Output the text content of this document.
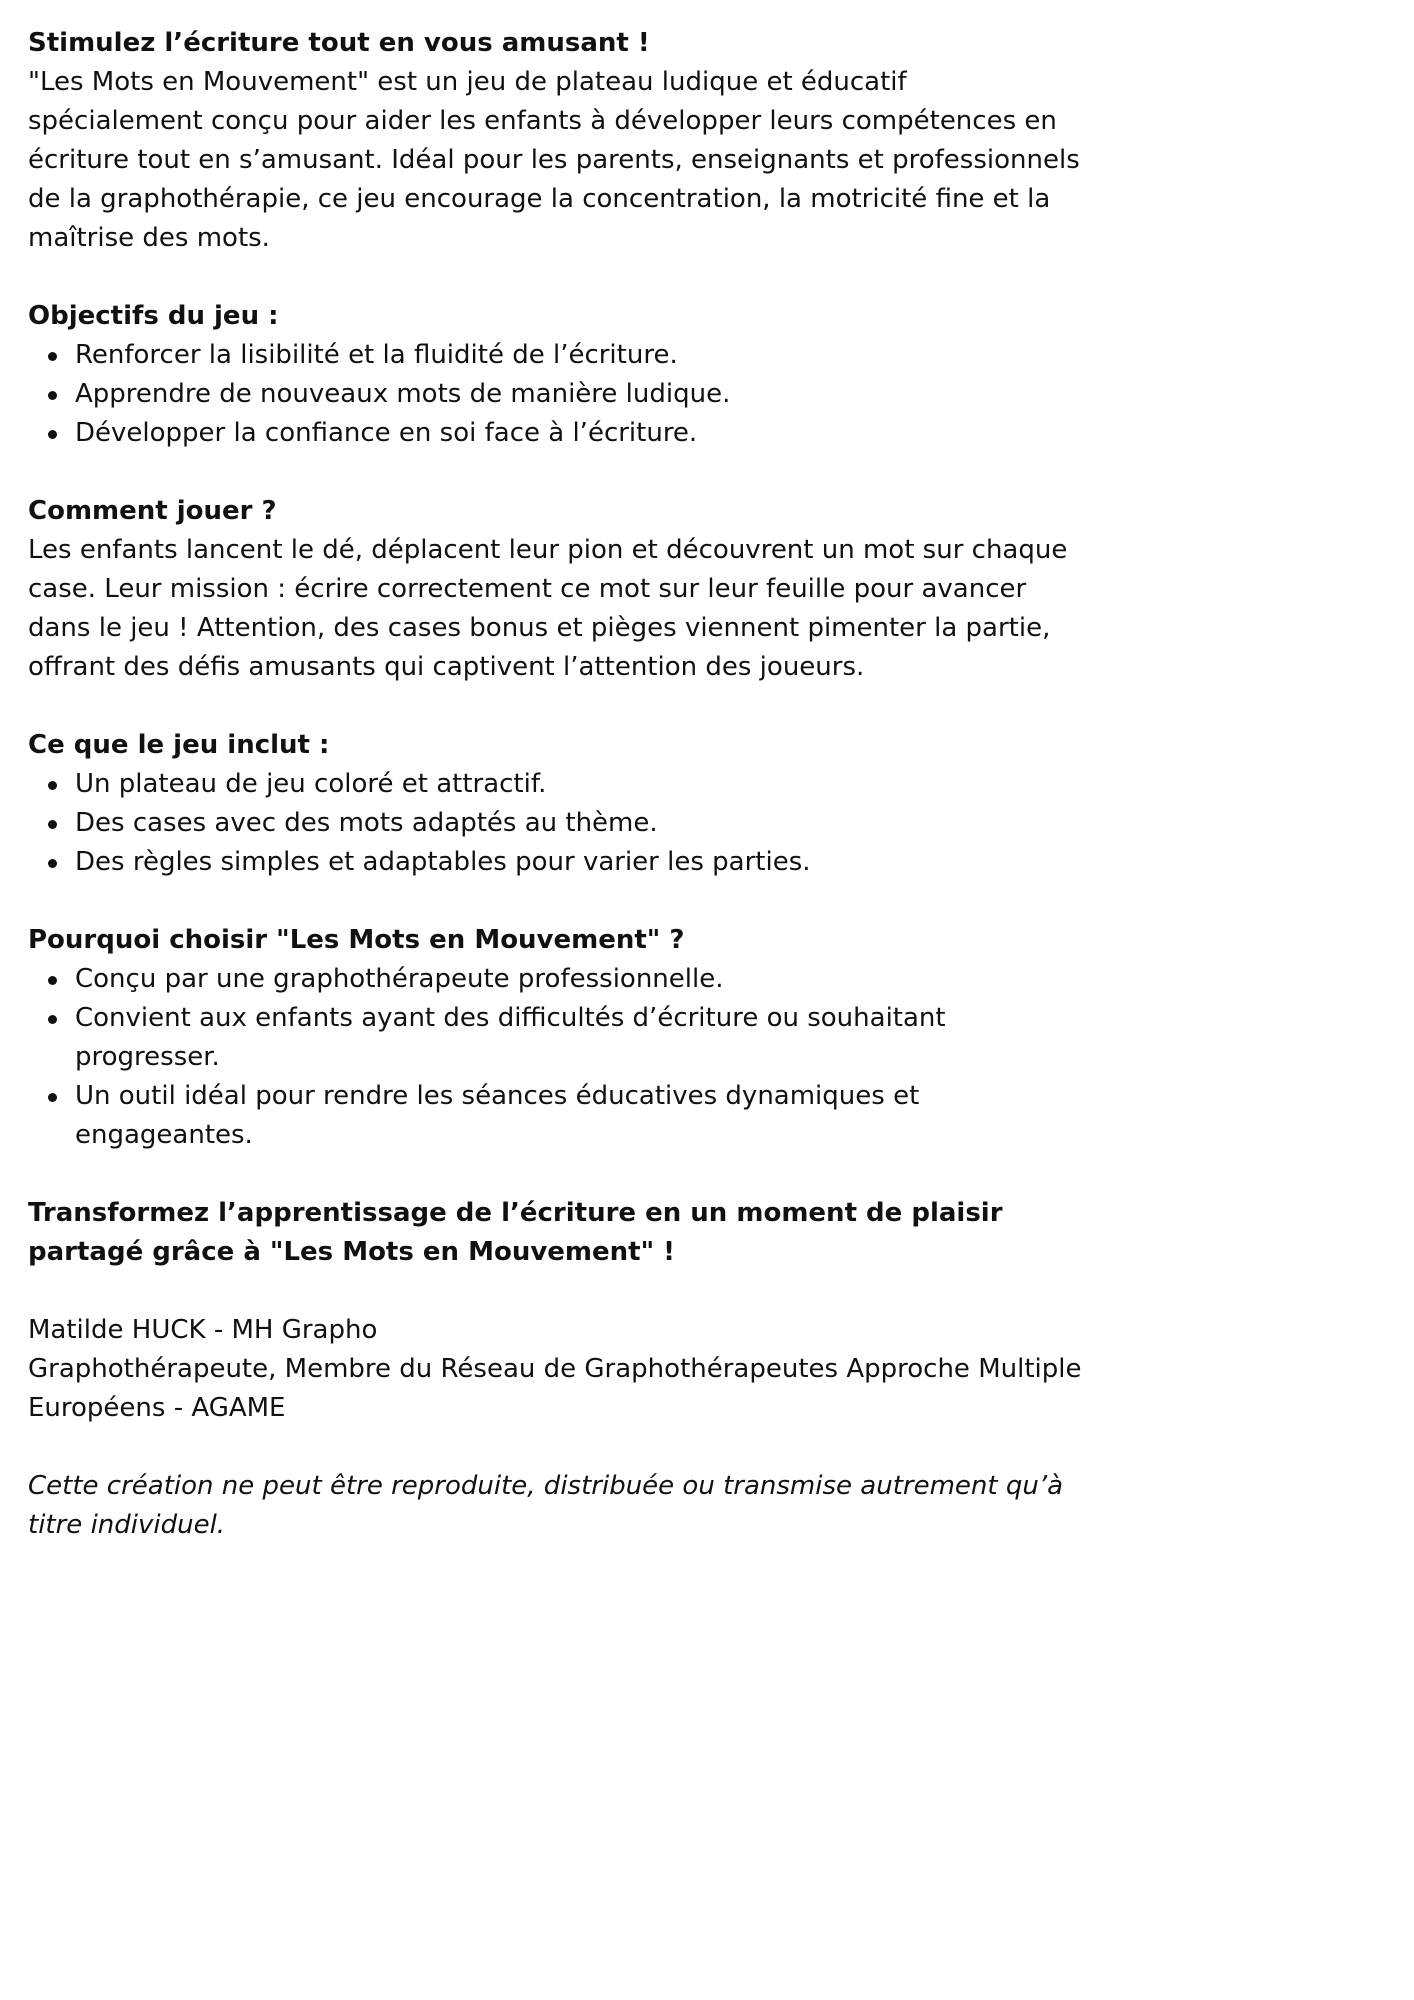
Stimulez l’écriture tout en vous amusant !

"Les Mots en Mouvement" est un jeu de plateau ludique et éducatif spécialement conçu pour aider les enfants à développer leurs compétences en écriture tout en s’amusant. Idéal pour les parents, enseignants et professionnels de la graphothérapie, ce jeu encourage la concentration, la motricité fine et la maîtrise des mots.

Objectifs du jeu :

Renforcer la lisibilité et la fluidité de l’écriture.
Apprendre de nouveaux mots de manière ludique.
Développer la confiance en soi face à l’écriture.

Comment jouer ?

Les enfants lancent le dé, déplacent leur pion et découvrent un mot sur chaque case. Leur mission : écrire correctement ce mot sur leur feuille pour avancer dans le jeu ! Attention, des cases bonus et pièges viennent pimenter la partie, offrant des défis amusants qui captivent l’attention des joueurs.

Ce que le jeu inclut :

Un plateau de jeu coloré et attractif.
Des cases avec des mots adaptés au thème.
Des règles simples et adaptables pour varier les parties.

Pourquoi choisir "Les Mots en Mouvement" ?

Conçu par une graphothérapeute professionnelle.
Convient aux enfants ayant des difficultés d’écriture ou souhaitant progresser.
Un outil idéal pour rendre les séances éducatives dynamiques et engageantes.

Transformez l’apprentissage de l’écriture en un moment de plaisir partagé grâce à "Les Mots en Mouvement" !

Matilde HUCK - MH Grapho

Graphothérapeute, Membre du Réseau de Graphothérapeutes Approche Multiple Européens - AGAME

Cette création ne peut être reproduite, distribuée ou transmise autrement qu’à titre individuel.
